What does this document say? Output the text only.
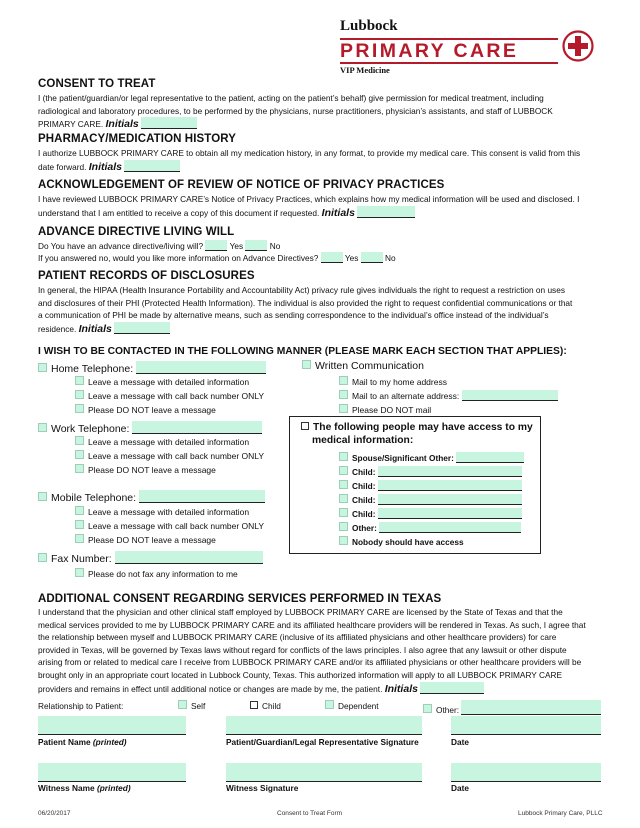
Lubbock
PRIMARY CARE
VIP Medicine
CONSENT TO TREAT
I (the patient/guardian/or legal representative to the patient, acting on the patient’s behalf) give permission for medical treatment, including
radiological and laboratory procedures, to be performed by the physicians, nurse practitioners, physician’s assistants, and staff of LUBBOCK
PRIMARY CARE. Initials
PHARMACY/MEDICATION HISTORY
I authorize LUBBOCK PRIMARY CARE to obtain all my medication history, in any format, to provide my medical care. This consent is valid from this
date forward. Initials
ACKNOWLEDGEMENT OF REVIEW OF NOTICE OF PRIVACY PRACTICES
I have reviewed LUBBOCK PRIMARY CARE’s Notice of Privacy Practices, which explains how my medical information will be used and disclosed. I
understand that I am entitled to receive a copy of this document if requested. Initials
ADVANCE DIRECTIVE LIVING WILL
Do You have an advance directive/living will?	Yes	No
If you answered no, would you like more information on Advance Directives?	Yes	No
PATIENT RECORDS OF DISCLOSURES
In general, the HIPAA (Health Insurance Portability and Accountability Act) privacy rule gives individuals the right to request a restriction on uses
and disclosures of their PHI (Protected Health Information). The individual is also provided the right to request confidential communications or that
a communication of PHI be made by alternative means, such as sending correspondence to the individual’s office instead of the individual’s
residence. Initials
I WISH TO BE CONTACTED IN THE FOLLOWING MANNER (PLEASE MARK EACH SECTION THAT APPLIES):
Home Telephone:
Leave a message with detailed information
Leave a message with call back number ONLY
Please DO NOT leave a message
Work Telephone:
Leave a message with detailed information
Leave a message with call back number ONLY
Please DO NOT leave a message
Mobile Telephone:
Leave a message with detailed information
Leave a message with call back number ONLY
Please DO NOT leave a message
Fax Number:
Please do not fax any information to me
Written Communication
Mail to my home address
Mail to an alternate address:
Please DO NOT mail
The following people may have access to my
medical information:
Spouse/Significant Other:
Child:
Child:
Child:
Child:
Other:
Nobody should have access
ADDITIONAL CONSENT REGARDING SERVICES PERFORMED IN TEXAS
I understand that the physician and other clinical staff employed by LUBBOCK PRIMARY CARE are licensed by the State of Texas and that the
medical services provided to me by LUBBOCK PRIMARY CARE and its affiliated healthcare providers will be rendered in Texas. As such, I agree that
the relationship between myself and LUBBOCK PRIMARY CARE (inclusive of its affiliated physicians and other healthcare providers) for care
provided in Texas, will be governed by Texas laws without regard for conflicts of the laws principles. I also agree that any lawsuit or other dispute
arising from or related to medical care I receive from LUBBOCK PRIMARY CARE and/or its affiliated physicians or other healthcare providers will be
brought only in an appropriate court located in Lubbock County, Texas. This authorized information will apply to all LUBBOCK PRIMARY CARE
providers and remains in effect until additional notice or changes are made by me, the patient. Initials
Relationship to Patient:	Self	Child	Dependent	Other:
Patient Name (printed)	Patient/Guardian/Legal Representative Signature	Date
Witness Name (printed)	Witness Signature	Date
06/20/2017	Consent to Treat Form	Lubbock Primary Care, PLLC
